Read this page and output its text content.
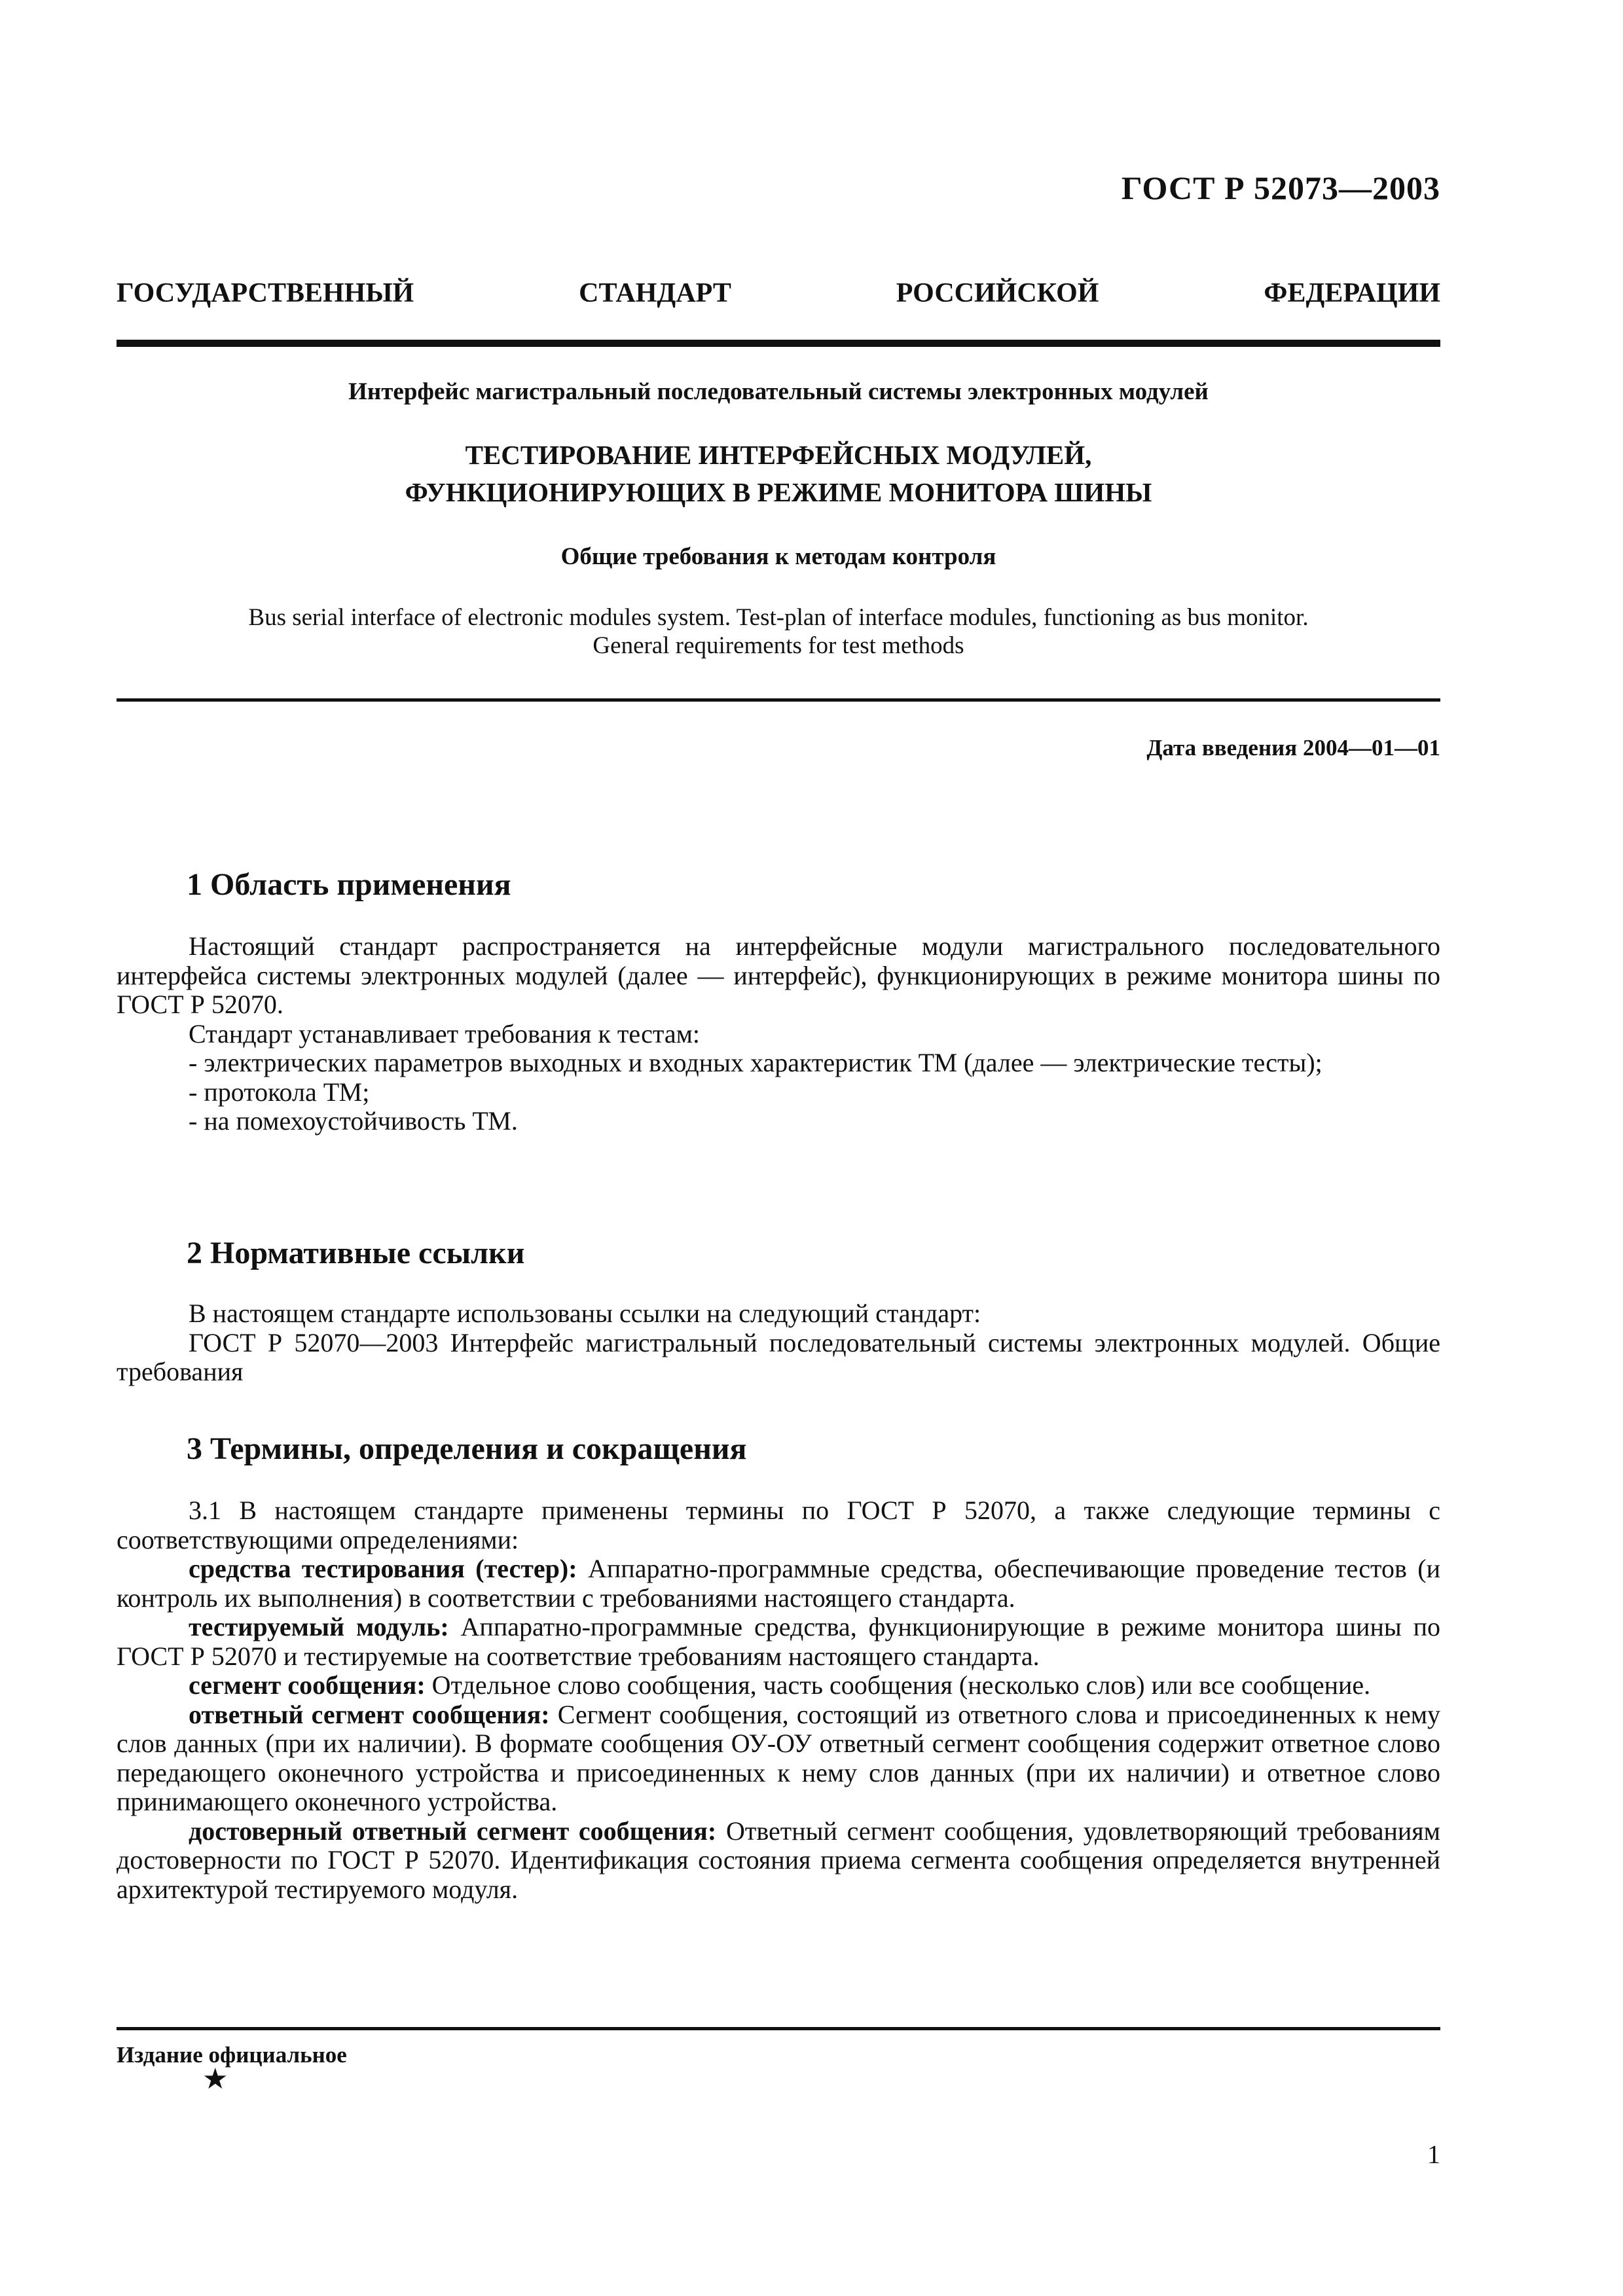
ГОСТ Р 52073—2003
ГОСУДАРСТВЕННЫЙ СТАНДАРТ РОССИЙСКОЙ ФЕДЕРАЦИИ
Интерфейс магистральный последовательный системы электронных модулей
ТЕСТИРОВАНИЕ ИНТЕРФЕЙСНЫХ МОДУЛЕЙ,
ФУНКЦИОНИРУЮЩИХ В РЕЖИМЕ МОНИТОРА ШИНЫ
Общие требования к методам контроля
Bus serial interface of electronic modules system. Test-plan of interface modules, functioning as bus monitor.
General requirements for test methods
Дата введения 2004—01—01
1 Область применения

Настоящий стандарт распространяется на интерфейсные модули магистрального последовательного интерфейса системы электронных модулей (далее — интерфейс), функционирующих в режиме монитора шины по ГОСТ Р 52070.

Стандарт устанавливает требования к тестам:

- электрических параметров выходных и входных характеристик ТМ (далее — электрические тесты);

- протокола ТМ;

- на помехоустойчивость ТМ.

2 Нормативные ссылки

В настоящем стандарте использованы ссылки на следующий стандарт:

ГОСТ Р 52070—2003 Интерфейс магистральный последовательный системы электронных модулей. Общие требования

3 Термины, определения и сокращения

3.1 В настоящем стандарте применены термины по ГОСТ Р 52070, а также следующие термины с соответствующими определениями:

средства тестирования (тестер): Аппаратно-программные средства, обеспечивающие проведение тестов (и контроль их выполнения) в соответствии с требованиями настоящего стандарта.

тестируемый модуль: Аппаратно-программные средства, функционирующие в режиме монитора шины по ГОСТ Р 52070 и тестируемые на соответствие требованиям настоящего стандарта.

сегмент сообщения: Отдельное слово сообщения, часть сообщения (несколько слов) или все сообщение.

ответный сегмент сообщения: Сегмент сообщения, состоящий из ответного слова и присоединенных к нему слов данных (при их наличии). В формате сообщения ОУ-ОУ ответный сегмент сообщения содержит ответное слово передающего оконечного устройства и присоединенных к нему слов данных (при их наличии) и ответное слово принимающего оконечного устройства.

достоверный ответный сегмент сообщения: Ответный сегмент сообщения, удовлетворяющий требованиям достоверности по ГОСТ Р 52070. Идентификация состояния приема сегмента сообщения определяется внутренней архитектурой тестируемого модуля.

Издание официальное
★
1
